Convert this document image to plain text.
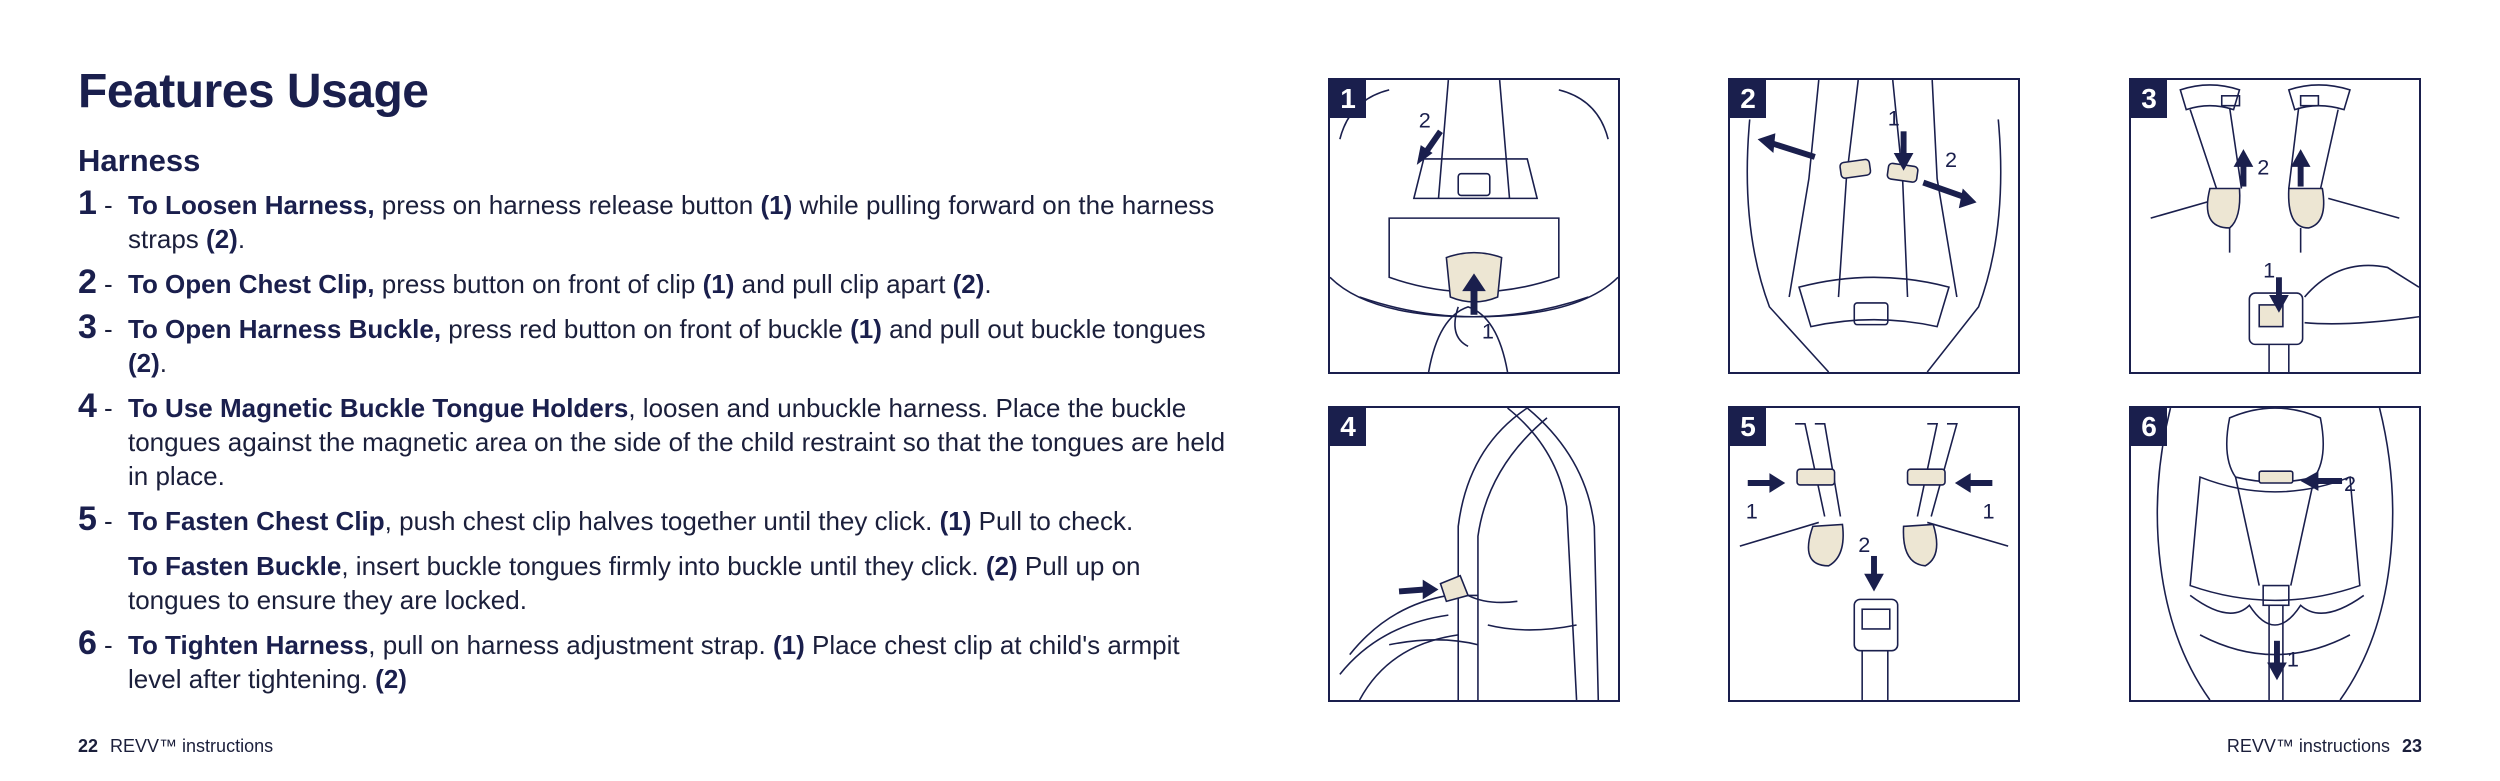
Features Usage
Harness
1 - To Loosen Harness, press on harness release button (1) while pulling forward on the harness straps (2).
2 - To Open Chest Clip, press button on front of clip (1) and pull clip apart (2).
3 - To Open Harness Buckle, press red button on front of buckle (1) and pull out buckle tongues (2).
4 - To Use Magnetic Buckle Tongue Holders, loosen and unbuckle harness. Place the buckle tongues against the magnetic area on the side of the child restraint so that the tongues are held in place.
5 - To Fasten Chest Clip, push chest clip halves together until they click. (1) Pull to check.
To Fasten Buckle, insert buckle tongues firmly into buckle until they click. (2) Pull up on tongues to ensure they are locked.
6 - To Tighten Harness, pull on harness adjustment strap. (1) Place chest clip at child's armpit level after tightening. (2)
22 REVV™ instructions	REVV™ instructions 23
1
2
1
2
1
2
3
2
1
4	5
1
2
1
6
2
1
